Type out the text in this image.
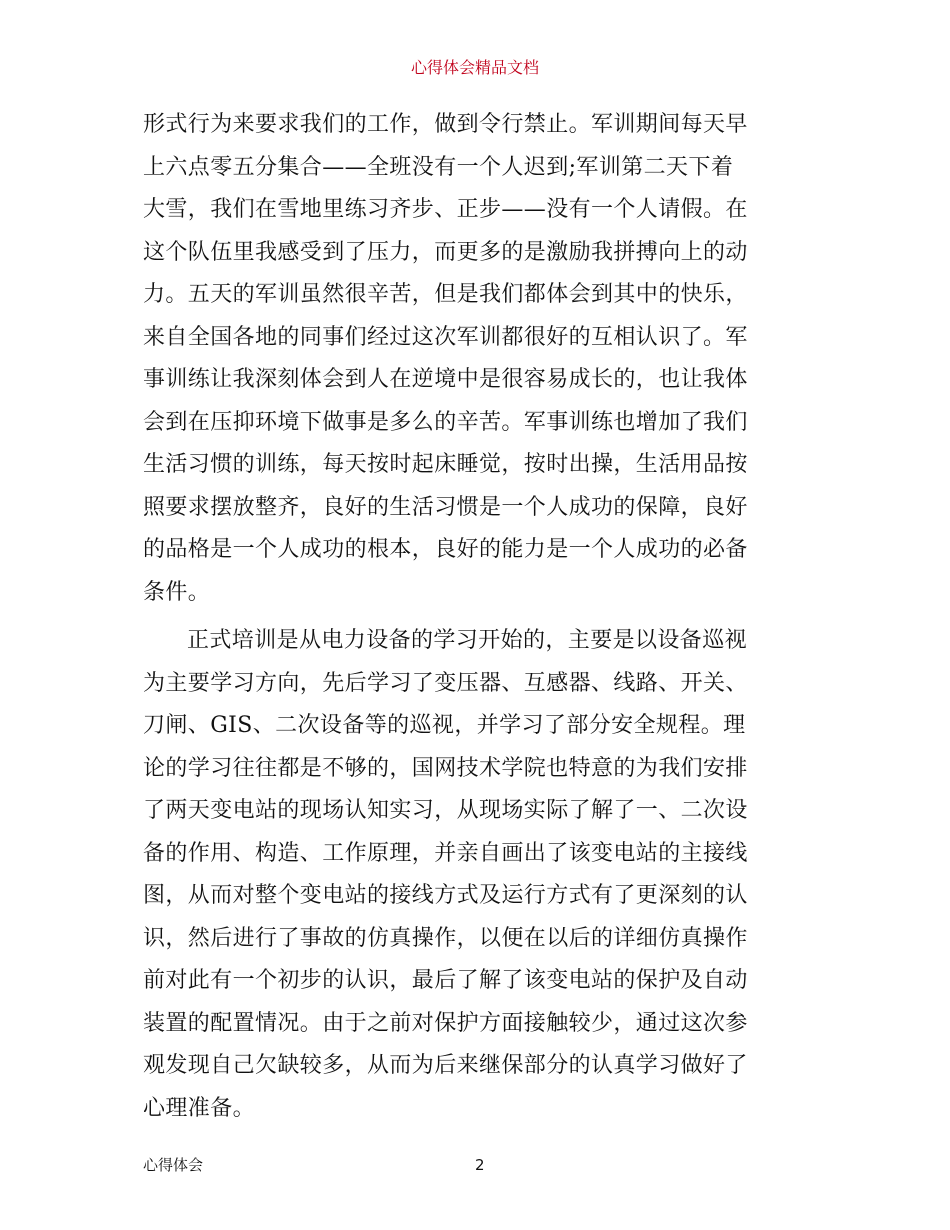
心得体会精品文档
形式行为来要求我们的工作，做到令行禁止。军训期间每天早
上六点零五分集合——全班没有一个人迟到;军训第二天下着
大雪，我们在雪地里练习齐步、正步——没有一个人请假。在
这个队伍里我感受到了压力，而更多的是激励我拼搏向上的动
力。五天的军训虽然很辛苦，但是我们都体会到其中的快乐，
来自全国各地的同事们经过这次军训都很好的互相认识了。军
事训练让我深刻体会到人在逆境中是很容易成长的，也让我体
会到在压抑环境下做事是多么的辛苦。军事训练也增加了我们
生活习惯的训练，每天按时起床睡觉，按时出操，生活用品按
照要求摆放整齐，良好的生活习惯是一个人成功的保障，良好
的品格是一个人成功的根本，良好的能力是一个人成功的必备
条件。
正式培训是从电力设备的学习开始的，主要是以设备巡视
为主要学习方向，先后学习了变压器、互感器、线路、开关、
刀闸、GIS、二次设备等的巡视，并学习了部分安全规程。理
论的学习往往都是不够的，国网技术学院也特意的为我们安排
了两天变电站的现场认知实习，从现场实际了解了一、二次设
备的作用、构造、工作原理，并亲自画出了该变电站的主接线
图，从而对整个变电站的接线方式及运行方式有了更深刻的认
识，然后进行了事故的仿真操作，以便在以后的详细仿真操作
前对此有一个初步的认识，最后了解了该变电站的保护及自动
装置的配置情况。由于之前对保护方面接触较少，通过这次参
观发现自己欠缺较多，从而为后来继保部分的认真学习做好了
心理准备。
心得体会	2
